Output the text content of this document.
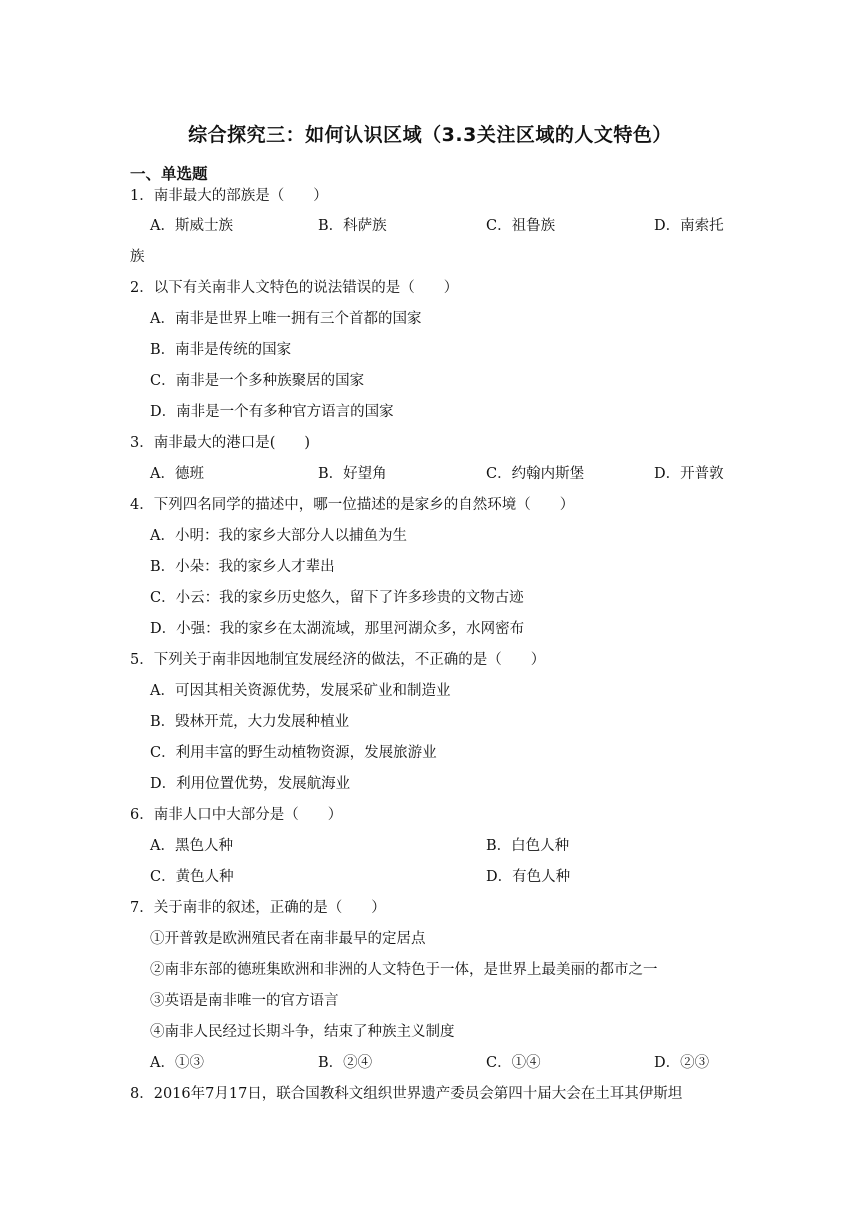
综合探究三：如何认识区域（3.3关注区域的人文特色）
一、单选题
1．南非最大的部族是（　　）
A．斯威士族	B．科萨族	C．祖鲁族	D．南索托
族
2．以下有关南非人文特色的说法错误的是（　　）
A．南非是世界上唯一拥有三个首都的国家
B．南非是传统的国家
C．南非是一个多种族聚居的国家
D．南非是一个有多种官方语言的国家
3．南非最大的港口是(　　)
A．德班	B．好望角	C．约翰内斯堡	D．开普敦
4．下列四名同学的描述中，哪一位描述的是家乡的自然环境（　　）
A．小明：我的家乡大部分人以捕鱼为生
B．小朵：我的家乡人才辈出
C．小云：我的家乡历史悠久，留下了许多珍贵的文物古迹
D．小强：我的家乡在太湖流域，那里河湖众多，水网密布
5．下列关于南非因地制宜发展经济的做法，不正确的是（　　）
A．可因其相关资源优势，发展采矿业和制造业
B．毁林开荒，大力发展种植业
C．利用丰富的野生动植物资源，发展旅游业
D．利用位置优势，发展航海业
6．南非人口中大部分是（　　）
A．黑色人种	B．白色人种
C．黄色人种	D．有色人种
7．关于南非的叙述，正确的是（　　）
①开普敦是欧洲殖民者在南非最早的定居点
②南非东部的德班集欧洲和非洲的人文特色于一体，是世界上最美丽的都市之一
③英语是南非唯一的官方语言
④南非人民经过长期斗争，结束了种族主义制度
A．①③	B．②④	C．①④	D．②③
8．2016年7月17日，联合国教科文组织世界遗产委员会第四十届大会在土耳其伊斯坦
